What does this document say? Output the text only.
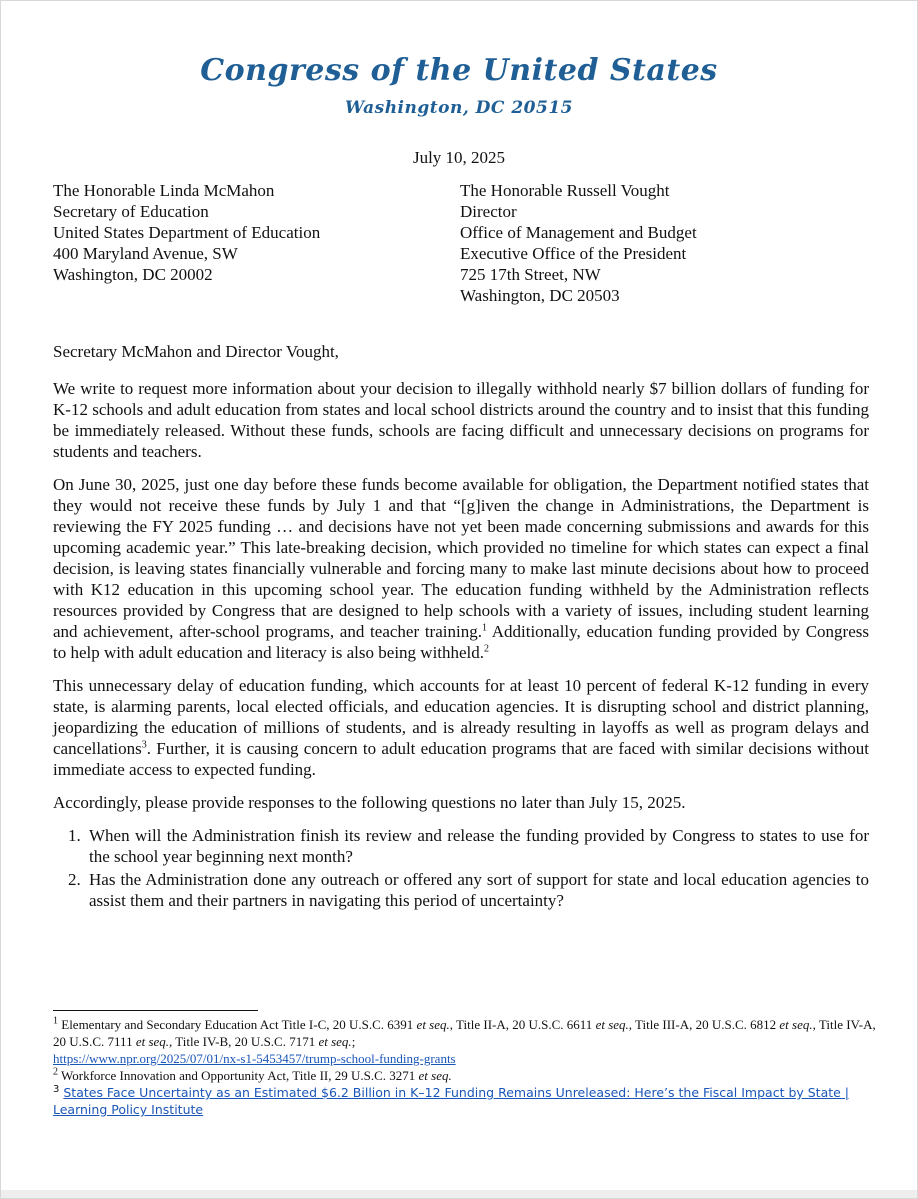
Congress of the United States
Washington, DC 20515
July 10, 2025
The Honorable Linda McMahon
Secretary of Education
United States Department of Education
400 Maryland Avenue, SW
Washington, DC 20002
The Honorable Russell Vought
Director
Office of Management and Budget
Executive Office of the President
725 17th Street, NW
Washington, DC 20503

Secretary McMahon and Director Vought,

We write to request more information about your decision to illegally withhold nearly $7 billion dollars of funding for K-12 schools and adult education from states and local school districts around the country and to insist that this funding be immediately released. Without these funds, schools are facing difficult and unnecessary decisions on programs for students and teachers.

On June 30, 2025, just one day before these funds become available for obligation, the Department notified states that they would not receive these funds by July 1 and that “[g]iven the change in Administrations, the Department is reviewing the FY 2025 funding … and decisions have not yet been made concerning submissions and awards for this upcoming academic year.” This late-breaking decision, which provided no timeline for which states can expect a final decision, is leaving states financially vulnerable and forcing many to make last minute decisions about how to proceed with K12 education in this upcoming school year. The education funding withheld by the Administration reflects resources provided by Congress that are designed to help schools with a variety of issues, including student learning and achievement, after-school programs, and teacher training.$^1$ Additionally, education funding provided by Congress to help with adult education and literacy is also being withheld.$^2$

This unnecessary delay of education funding, which accounts for at least 10 percent of federal K-12 funding in every state, is alarming parents, local elected officials, and education agencies. It is disrupting school and district planning, jeopardizing the education of millions of students, and is already resulting in layoffs as well as program delays and cancellations$^3$. Further, it is causing concern to adult education programs that are faced with similar decisions without immediate access to expected funding.

Accordingly, please provide responses to the following questions no later than July 15, 2025.

1. When will the Administration finish its review and release the funding provided by Congress to states to use for the school year beginning next month?
2. Has the Administration done any outreach or offered any sort of support for state and local education agencies to assist them and their partners in navigating this period of uncertainty?

$^1$ Elementary and Secondary Education Act Title I-C, 20 U.S.C. 6391 et seq., Title II-A, 20 U.S.C. 6611 et seq., Title III-A, 20 U.S.C. 6812 et seq., Title IV-A, 20 U.S.C. 7111 et seq., Title IV-B, 20 U.S.C. 7171 et seq.;
https://www.npr.org/2025/07/01/nx-s1-5453457/trump-school-funding-grants

$^2$ Workforce Innovation and Opportunity Act, Title II, 29 U.S.C. 3271 et seq.

$^3$ States Face Uncertainty as an Estimated $6.2 Billion in K–12 Funding Remains Unreleased: Here’s the Fiscal Impact by State | Learning Policy Institute
